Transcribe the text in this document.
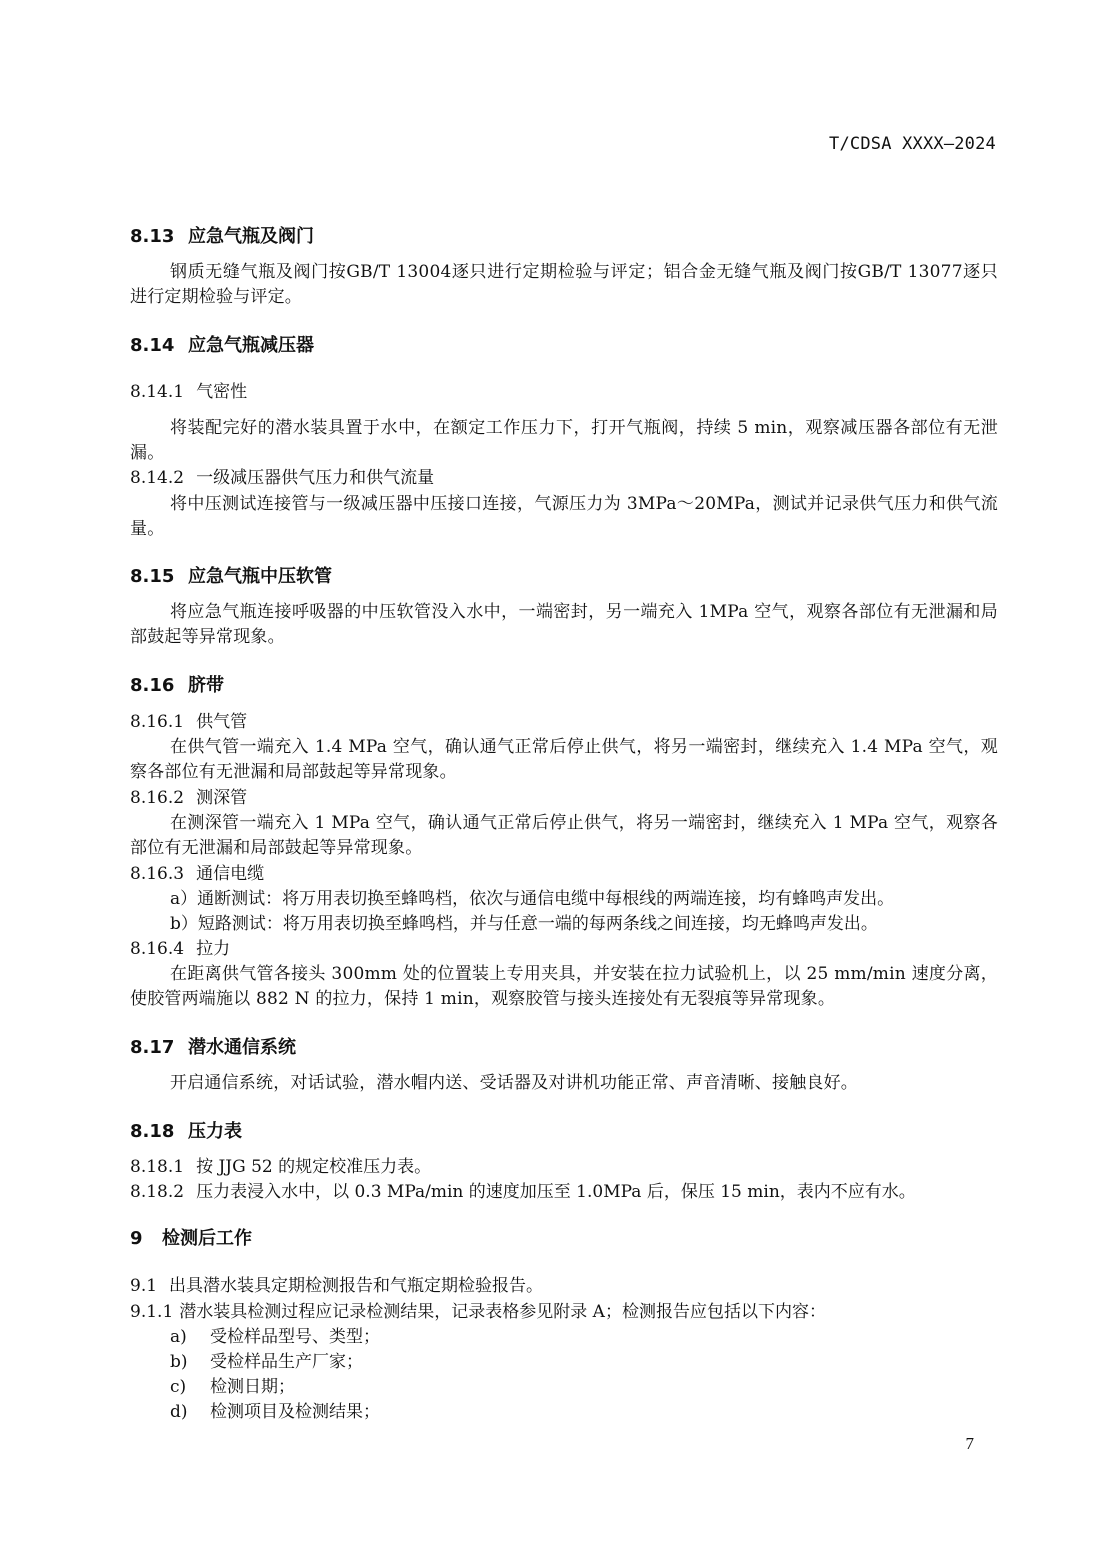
T/CDSA XXXX—2024
8.13 应急气瓶及阀门

钢质无缝气瓶及阀门按GB/T 13004逐只进行定期检验与评定；铝合金无缝气瓶及阀门按GB/T 13077逐只进行定期检验与评定。

8.14 应急气瓶减压器
8.14.1 气密性

将装配完好的潜水装具置于水中，在额定工作压力下，打开气瓶阀，持续 5 min，观察减压器各部位有无泄漏。

8.14.2 一级减压器供气压力和供气流量

将中压测试连接管与一级减压器中压接口连接，气源压力为 3MPa～20MPa，测试并记录供气压力和供气流量。

8.15 应急气瓶中压软管

将应急气瓶连接呼吸器的中压软管没入水中，一端密封，另一端充入 1MPa 空气，观察各部位有无泄漏和局部鼓起等异常现象。

8.16 脐带
8.16.1 供气管

在供气管一端充入 1.4 MPa 空气，确认通气正常后停止供气，将另一端密封，继续充入 1.4 MPa 空气，观察各部位有无泄漏和局部鼓起等异常现象。

8.16.2 测深管

在测深管一端充入 1 MPa 空气，确认通气正常后停止供气，将另一端密封，继续充入 1 MPa 空气，观察各部位有无泄漏和局部鼓起等异常现象。

8.16.3 通信电缆
a）通断测试：将万用表切换至蜂鸣档，依次与通信电缆中每根线的两端连接，均有蜂鸣声发出。
b）短路测试：将万用表切换至蜂鸣档，并与任意一端的每两条线之间连接，均无蜂鸣声发出。
8.16.4 拉力

在距离供气管各接头 300mm 处的位置装上专用夹具，并安装在拉力试验机上，以 25 mm/min 速度分离，使胶管两端施以 882 N 的拉力，保持 1 min，观察胶管与接头连接处有无裂痕等异常现象。

8.17 潜水通信系统

开启通信系统，对话试验，潜水帽内送、受话器及对讲机功能正常、声音清晰、接触良好。

8.18 压力表
8.18.1 按 JJG 52 的规定校准压力表。
8.18.2 压力表浸入水中，以 0.3 MPa/min 的速度加压至 1.0MPa 后，保压 15 min，表内不应有水。
9 检测后工作
9.1 出具潜水装具定期检测报告和气瓶定期检验报告。
9.1.1 潜水装具检测过程应记录检测结果，记录表格参见附录 A；检测报告应包括以下内容：
a) 受检样品型号、类型；
b) 受检样品生产厂家；
c) 检测日期；
d) 检测项目及检测结果；
7
